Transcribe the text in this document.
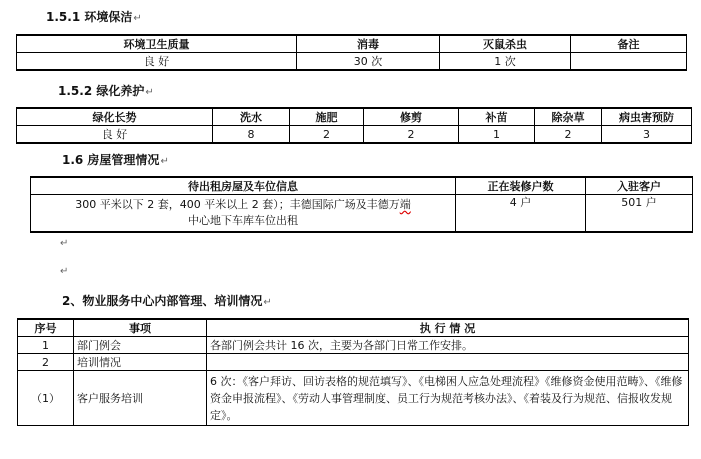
1.5.1 环境保洁↵
环境卫生质量	消毒	灭鼠杀虫	备注
良 好	30 次	1 次	
1.5.2 绿化养护↵
绿化长势	洗水	施肥	修剪	补苗	除杂草	病虫害预防
良 好	8	2	2	1	2	3
1.6 房屋管理情况↵
待出租房屋及车位信息	正在装修户数	入驻客户

300 平米以下 2 套，400 平米以上 2 套）；丰德国际广场及丰德万端
中心地下车库车位出租	4 户	501 户
↵
↵
2、物业服务中心内部管理、培训情况↵
序号	事项	执 行 情 况
1	部门例会	各部门例会共计 16 次，主要为各部门日常工作安排。
2	培训情况	
（1）	客户服务培训	6 次：《客户拜访、回访表格的规范填写》、《电梯困人应急处理流程》《维修资金使用范畴》、《维修资金申报流程》、《劳动人事管理制度、员工行为规范考核办法》、《着装及行为规范、信报收发规定》。
